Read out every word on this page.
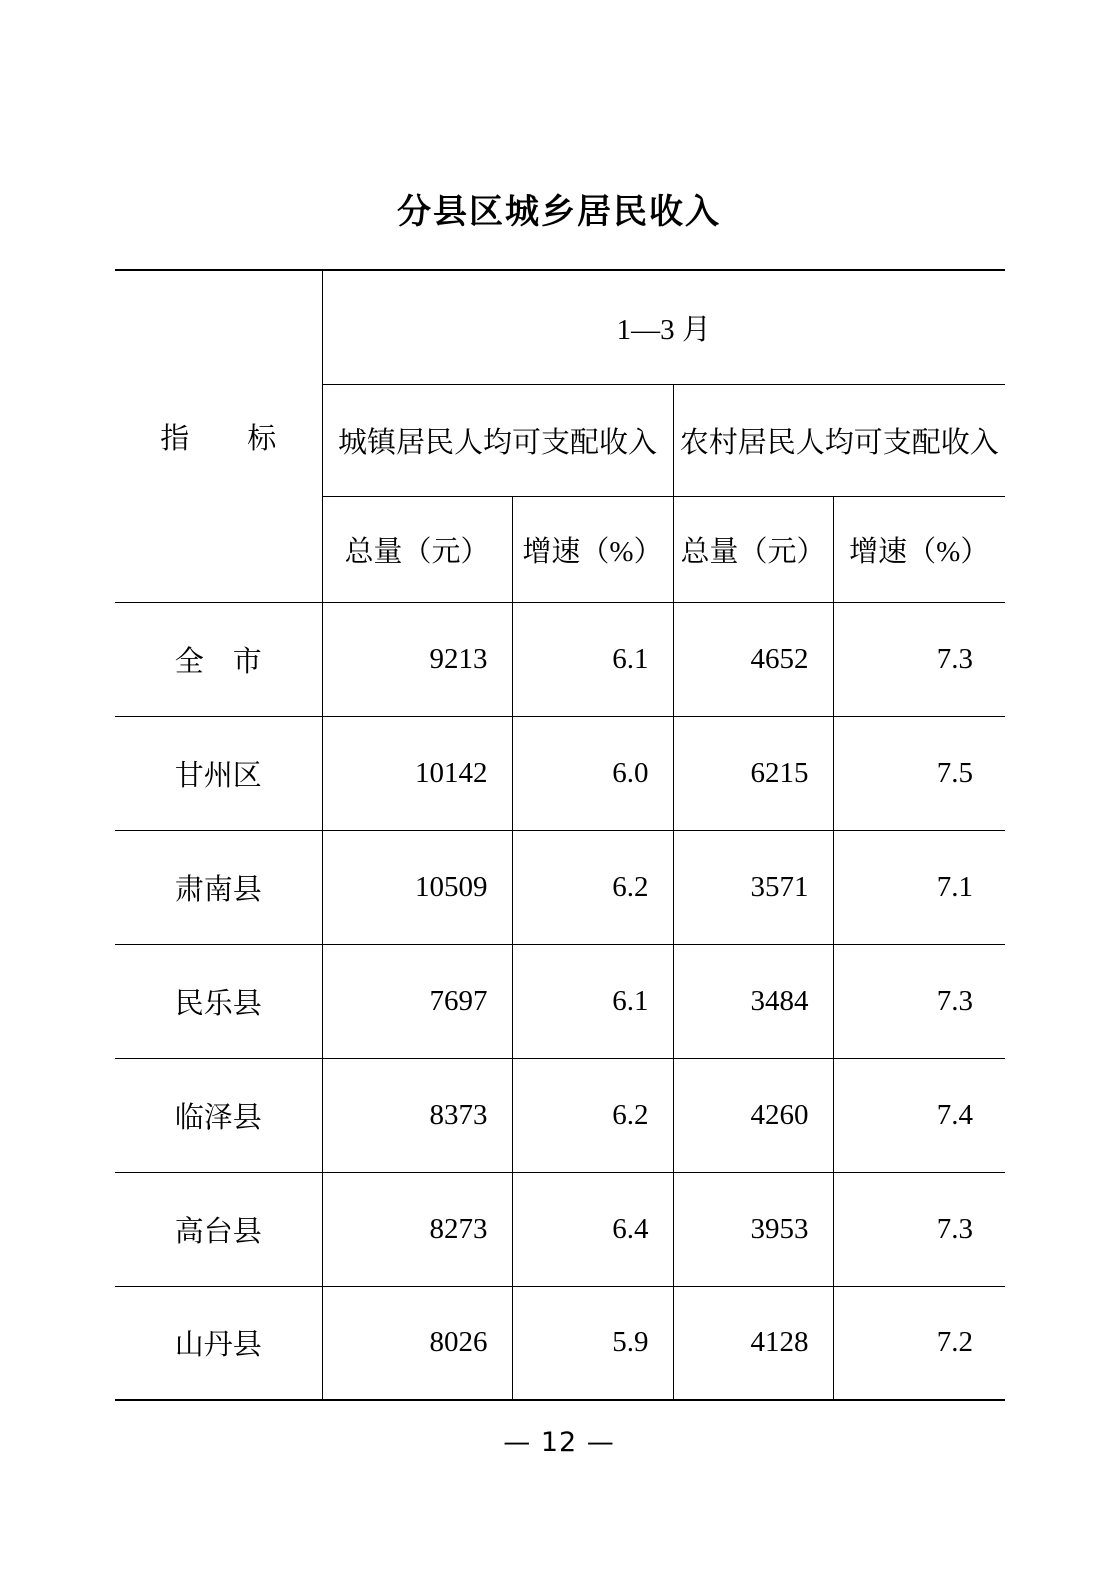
分县区城乡居民收入
指　　标	1—3 月			
	城镇居民人均可支配收入		农村居民人均可支配收入	
	总量（元）	增速（%）	总量（元）	增速（%）
全　市	9213	6.1	4652	7.3
甘州区	10142	6.0	6215	7.5
肃南县	10509	6.2	3571	7.1
民乐县	7697	6.1	3484	7.3
临泽县	8373	6.2	4260	7.4
高台县	8273	6.4	3953	7.3
山丹县	8026	5.9	4128	7.2
— 12 —
